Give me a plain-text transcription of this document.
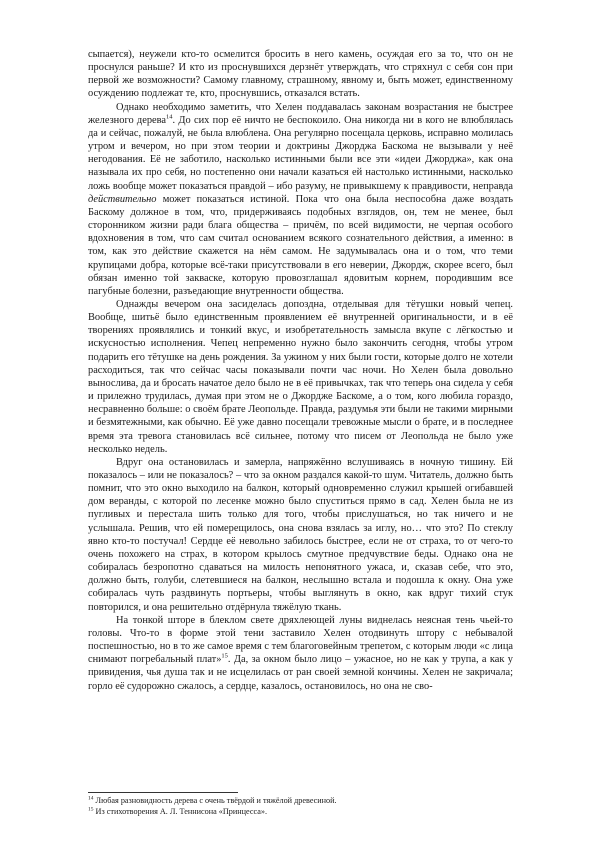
сыпается), неужели кто-то осмелится бросить в него камень, осуждая его за то, что он не проснулся раньше? И кто из проснувшихся дерзнёт утверждать, что стряхнул с себя сон при первой же возможности? Самому главному, страшному, явному и, быть может, единственному осуждению подлежат те, кто, проснувшись, отказался встать.

Однако необходимо заметить, что Хелен поддавалась законам возрастания не быстрее железного дерева$^{14}$. До сих пор её ничто не беспокоило. Она никогда ни в кого не влюблялась да и сейчас, пожалуй, не была влюблена. Она регулярно посещала церковь, исправно молилась утром и вечером, но при этом теории и доктрины Джорджа Баскома не вызывали у неё негодования. Её не заботило, насколько истинными были все эти «идеи Джорджа», как она называла их про себя, но постепенно они начали казаться ей настолько истинными, насколько ложь вообще может показаться правдой – ибо разуму, не привыкшему к правдивости, неправда действительно может показаться истиной. Пока что она была неспособна даже воздать Баскому должное в том, что, придерживаясь подобных взглядов, он, тем не менее, был сторонником жизни ради блага общества – причём, по всей видимости, не черпая особого вдохновения в том, что сам считал основанием всякого сознательного действия, а именно: в том, как это действие скажется на нём самом. Не задумывалась она и о том, что теми крупицами добра, которые всё-таки присутствовали в его неверии, Джордж, скорее всего, был обязан именно той закваске, которую провозглашал ядовитым корнем, породившим все пагубные болезни, разъедающие внутренности общества.

Однажды вечером она засиделась допоздна, отделывая для тётушки новый чепец. Вообще, шитьё было единственным проявлением её внутренней оригинальности, и в её творениях проявлялись и тонкий вкус, и изобретательность замысла вкупе с лёгкостью и искусностью исполнения. Чепец непременно нужно было закончить сегодня, чтобы утром подарить его тётушке на день рождения. За ужином у них были гости, которые долго не хотели расходиться, так что сейчас часы показывали почти час ночи. Но Хелен была довольно вынослива, да и бросать начатое дело было не в её привычках, так что теперь она сидела у себя и прилежно трудилась, думая при этом не о Джордже Баскоме, а о том, кого любила гораздо, несравненно больше: о своём брате Леопольде. Правда, раздумья эти были не такими мирными и безмятежными, как обычно. Её уже давно посещали тревожные мысли о брате, и в последнее время эта тревога становилась всё сильнее, потому что писем от Леопольда не было уже несколько недель.

Вдруг она остановилась и замерла, напряжённо вслушиваясь в ночную тишину. Ей показалось – или не показалось? – что за окном раздался какой-то шум. Читатель, должно быть помнит, что это окно выходило на балкон, который одновременно служил крышей огибавшей дом веранды, с которой по лесенке можно было спуститься прямо в сад. Хелен была не из пугливых и перестала шить только для того, чтобы прислушаться, но так ничего и не услышала. Решив, что ей померещилось, она снова взялась за иглу, но… что это? По стеклу явно кто-то постучал! Сердце её невольно забилось быстрее, если не от страха, то от чего-то очень похожего на страх, в котором крылось смутное предчувствие беды. Однако она не собиралась безропотно сдаваться на милость непонятного ужаса, и, сказав себе, что это, должно быть, голуби, слетевшиеся на балкон, неслышно встала и подошла к окну. Она уже собиралась чуть раздвинуть портьеры, чтобы выглянуть в окно, как вдруг тихий стук повторился, и она решительно отдёрнула тяжёлую ткань.

На тонкой шторе в блеклом свете дряхлеющей луны виднелась неясная тень чьей-то головы. Что-то в форме этой тени заставило Хелен отодвинуть штору с небывалой поспешностью, но в то же самое время с тем благоговейным трепетом, с которым люди «с лица снимают погребальный плат»$^{15}$. Да, за окном было лицо – ужасное, но не как у трупа, а как у привидения, чья душа так и не исцелилась от ран своей земной кончины. Хелен не закричала; горло её судорожно сжалось, а сердце, казалось, остановилось, но она не сво-

$^{14}$ Любая разновидность дерева с очень твёрдой и тяжёлой древесиной.
$^{15}$ Из стихотворения А. Л. Теннисона «Принцесса».
